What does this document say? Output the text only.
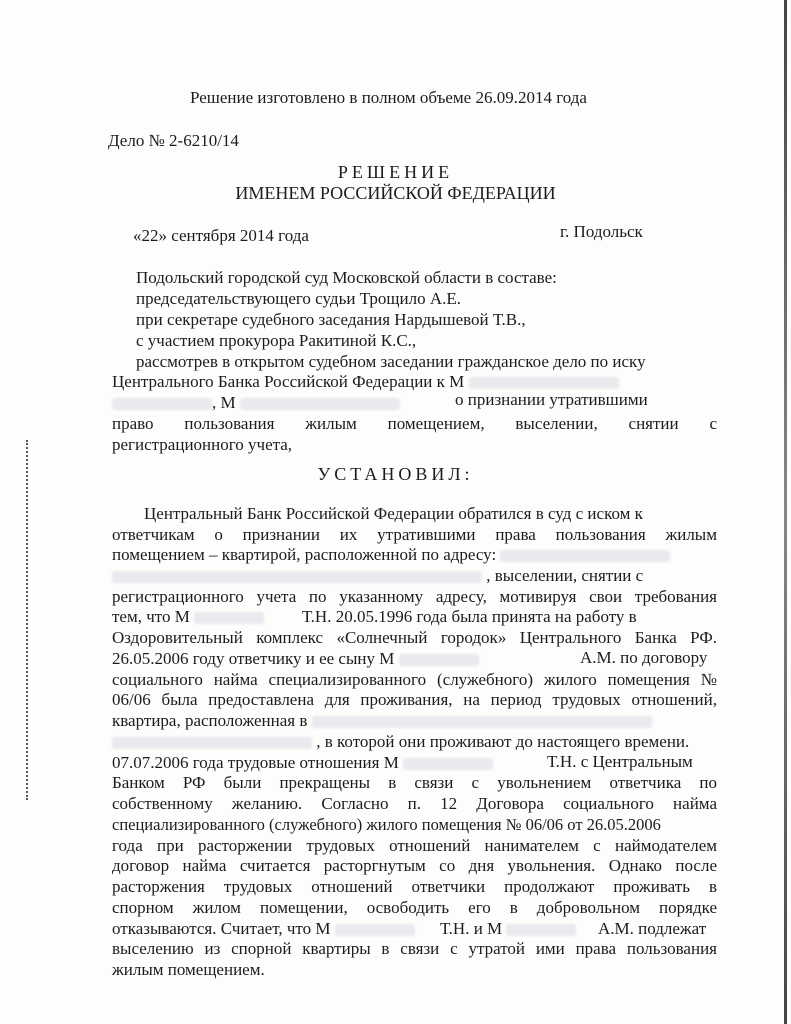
Решение изготовлено в полном объеме 26.09.2014 года
Дело № 2-6210/14
РЕШЕНИЕ
ИМЕНЕМ РОССИЙСКОЙ ФЕДЕРАЦИИ
«22» сентября 2014 года	г. Подольск
Подольский городской суд Московской области в составе:
председательствующего судьи Трощило А.Е.
при секретаре судебного заседания Нардышевой Т.В.,
с участием прокурора Ракитиной К.С.,
рассмотрев в открытом судебном заседании гражданское дело по иску
Центрального Банка Российской Федерации к М
, М	о признании утратившими
право пользования жилым помещением, выселении, снятии с
регистрационного учета,
УСТАНОВИЛ:
Центральный Банк Российской Федерации обратился в суд с иском к
ответчикам о признании их утратившими права пользования жилым
помещением – квартирой, расположенной по адресу:
, выселении, снятии с
регистрационного учета по указанному адресу, мотивируя свои требования
тем, что М	Т.Н. 20.05.1996 года была принята на работу в
Оздоровительный комплекс «Солнечный городок» Центрального Банка РФ.
26.05.2006 году ответчику и ее сыну М	А.М. по договору
социального найма специализированного (служебного) жилого помещения №
06/06 была предоставлена для проживания, на период трудовых отношений,
квартира, расположенная в
, в которой они проживают до настоящего времени.
07.07.2006 года трудовые отношения М	Т.Н. с Центральным
Банком РФ были прекращены в связи с увольнением ответчика по
собственному желанию. Согласно п. 12 Договора социального найма
специализированного (служебного) жилого помещения № 06/06 от 26.05.2006
года при расторжении трудовых отношений нанимателем с наймодателем
договор найма считается расторгнутым со дня увольнения. Однако после
расторжения трудовых отношений ответчики продолжают проживать в
спорном жилом помещении, освободить его в добровольном порядке
отказываются. Считает, что М	Т.Н. и М	А.М. подлежат
выселению из спорной квартиры в связи с утратой ими права пользования
жилым помещением.
